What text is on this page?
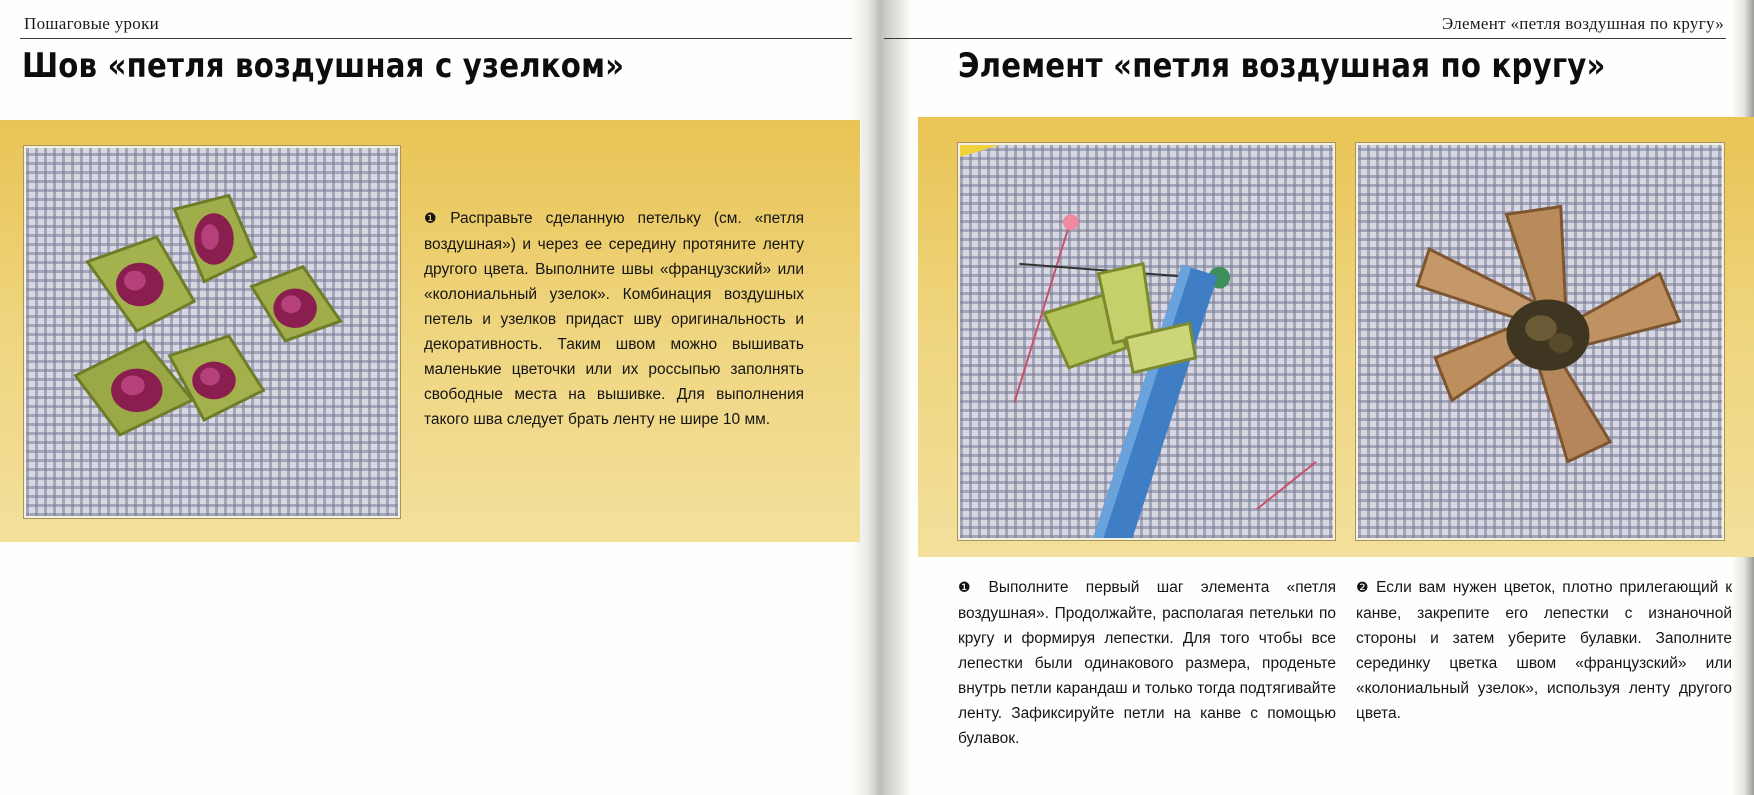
Пошаговые уроки	Элемент «петля воздушная по кругу»
Шов «петля воздушная с узелком»	Элемент «петля воздушная по кругу»

❶ Расправьте сделанную петельку (см. «петля воздушная») и через ее середину протяните ленту другого цвета. Выполните швы «французский» или «колониальный узелок». Комбинация воздушных петель и узелков придаст шву оригинальность и декоративность. Таким швом можно вышивать маленькие цветочки или их россыпью заполнять свободные места на вышивке. Для выполнения такого шва следует брать ленту не шире 10 мм.

❶ Выполните первый шаг элемента «петля воздушная». Продолжайте, располагая петельки по кругу и формируя лепестки. Для того чтобы все лепестки были одинакового размера, проденьте внутрь петли карандаш и только тогда подтягивайте ленту. Зафиксируйте петли на канве с помощью булавок.

❷ Если вам нужен цветок, плотно прилегающий к канве, закрепите его лепестки с изнаночной стороны и затем уберите булавки. Заполните серединку цветка швом «французский» или «колониальный узелок», используя ленту другого цвета.
